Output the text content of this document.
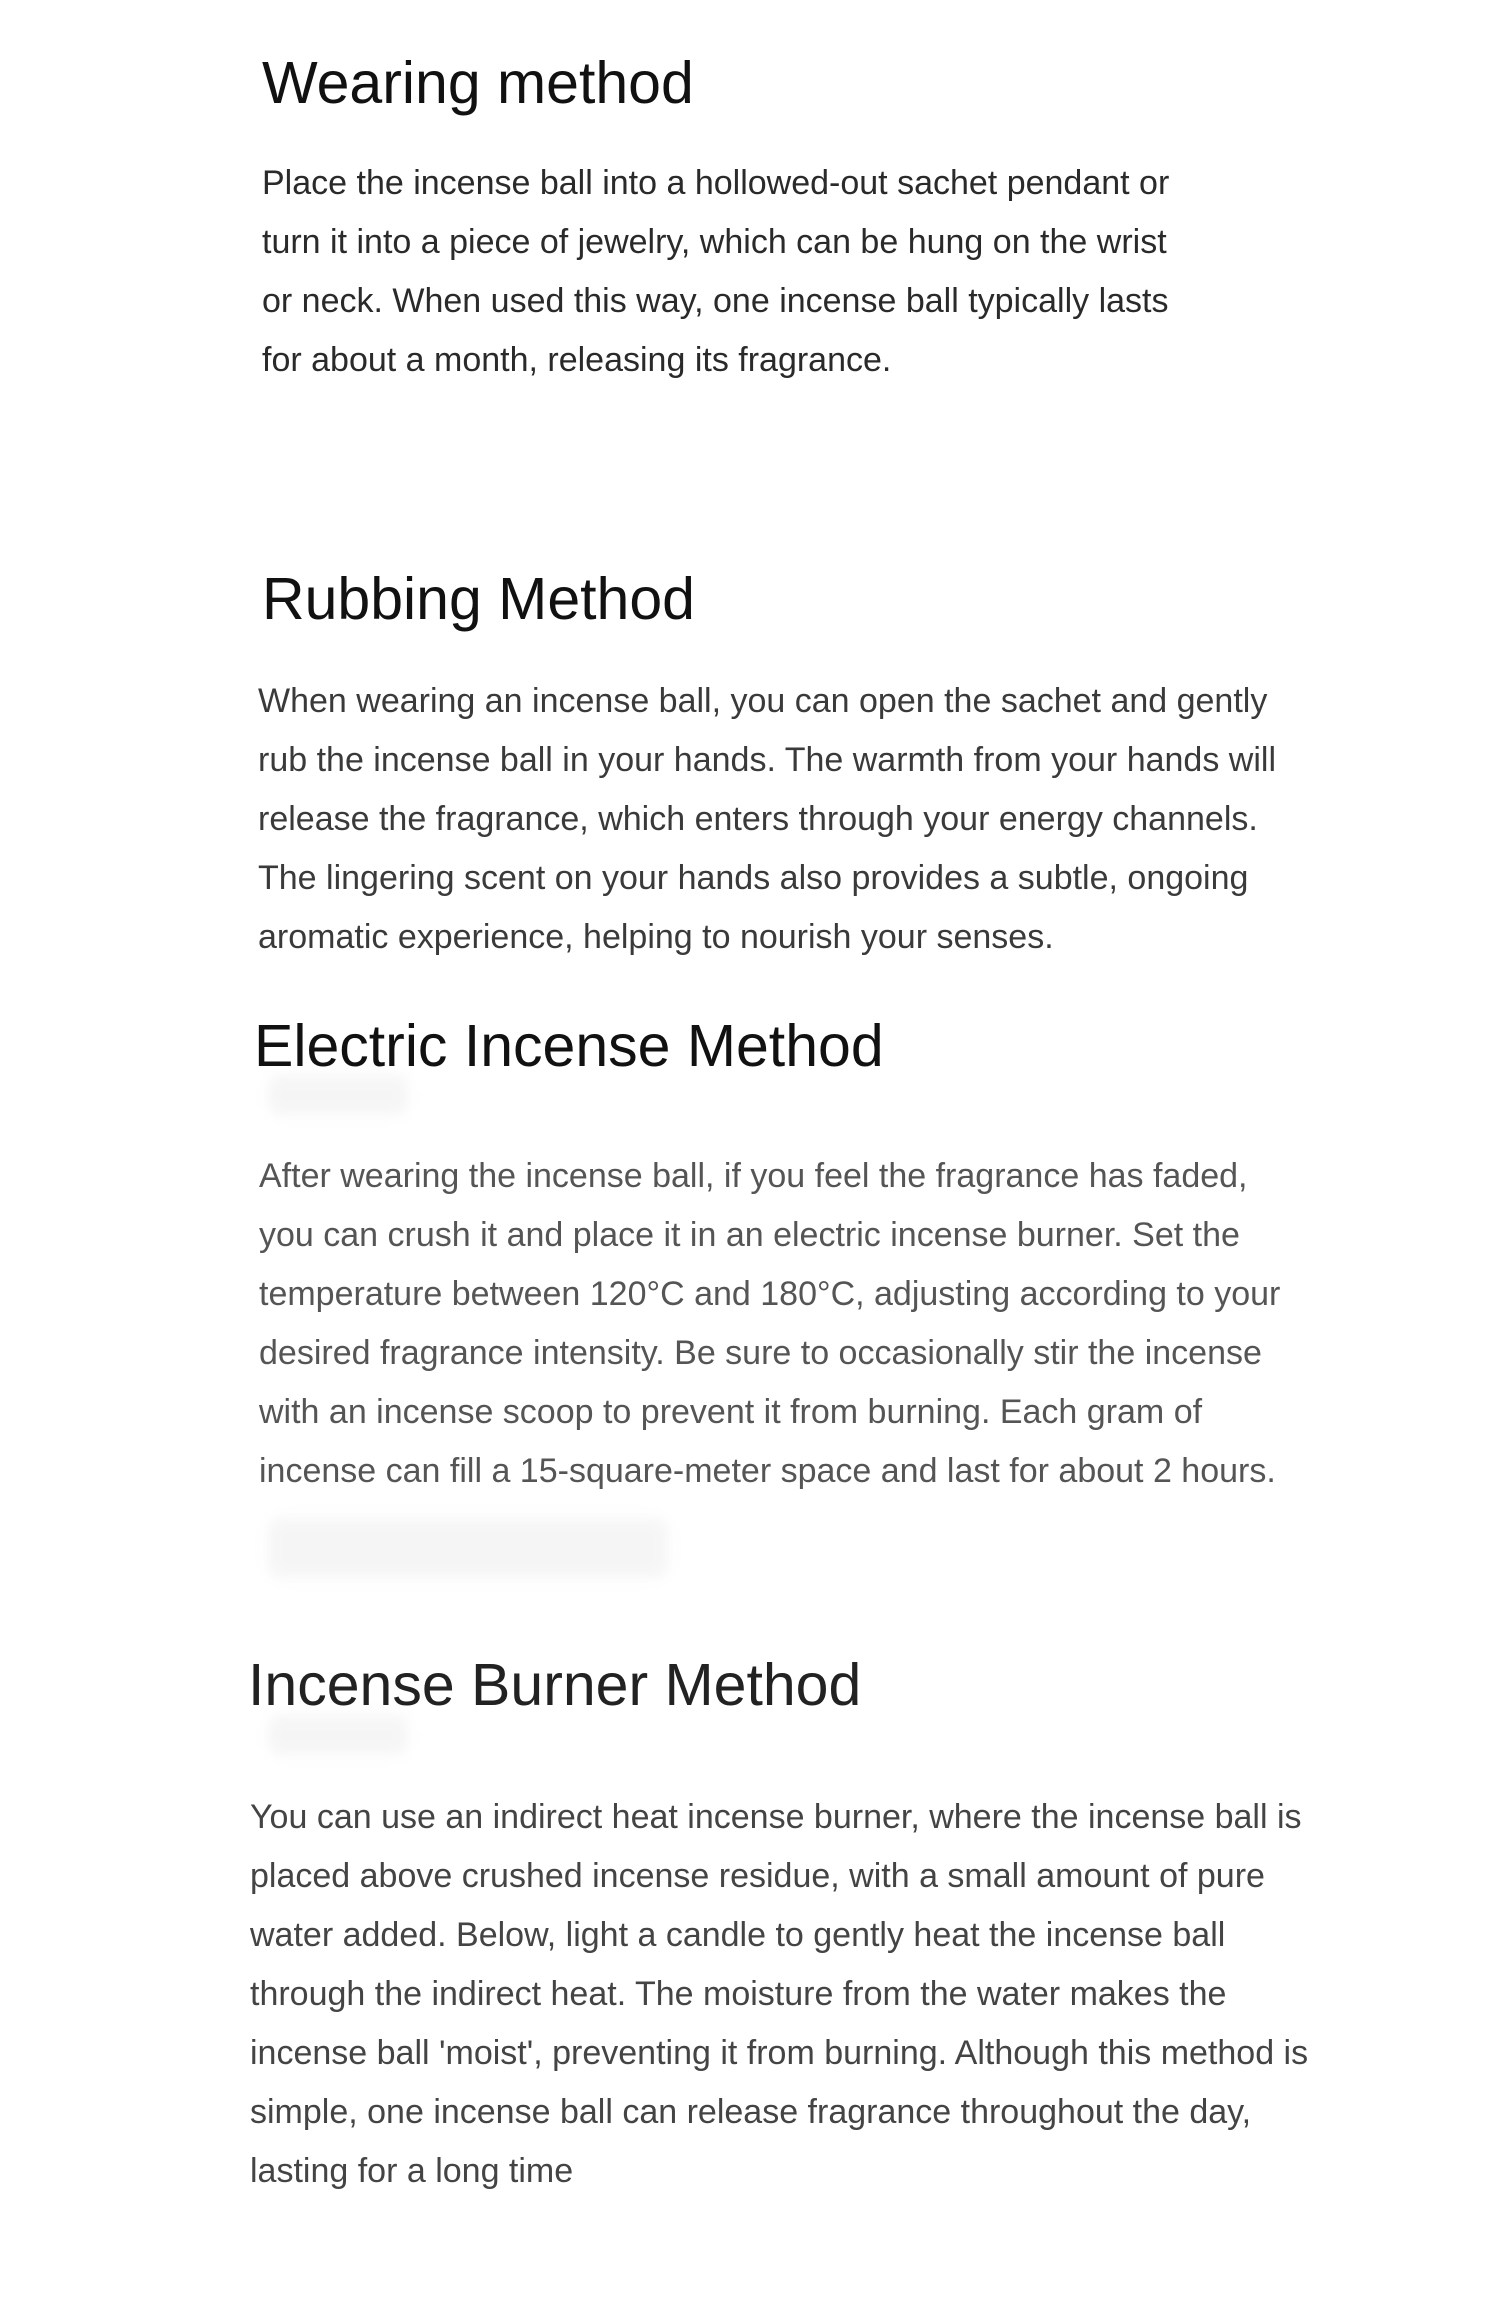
Wearing method

Place the incense ball into a hollowed-out sachet pendant or
turn it into a piece of jewelry, which can be hung on the wrist
or neck. When used this way, one incense ball typically lasts
for about a month, releasing its fragrance.

Rubbing Method

When wearing an incense ball, you can open the sachet and gently
rub the incense ball in your hands. The warmth from your hands will
release the fragrance, which enters through your energy channels.
The lingering scent on your hands also provides a subtle, ongoing
aromatic experience, helping to nourish your senses.

Electric Incense Method

After wearing the incense ball, if you feel the fragrance has faded,
you can crush it and place it in an electric incense burner. Set the
temperature between 120°C and 180°C, adjusting according to your
desired fragrance intensity. Be sure to occasionally stir the incense
with an incense scoop to prevent it from burning. Each gram of
incense can fill a 15-square-meter space and last for about 2 hours.

Incense Burner Method

You can use an indirect heat incense burner, where the incense ball is
placed above crushed incense residue, with a small amount of pure
water added. Below, light a candle to gently heat the incense ball
through the indirect heat. The moisture from the water makes the
incense ball 'moist', preventing it from burning. Although this method is
simple, one incense ball can release fragrance throughout the day,
lasting for a long time
